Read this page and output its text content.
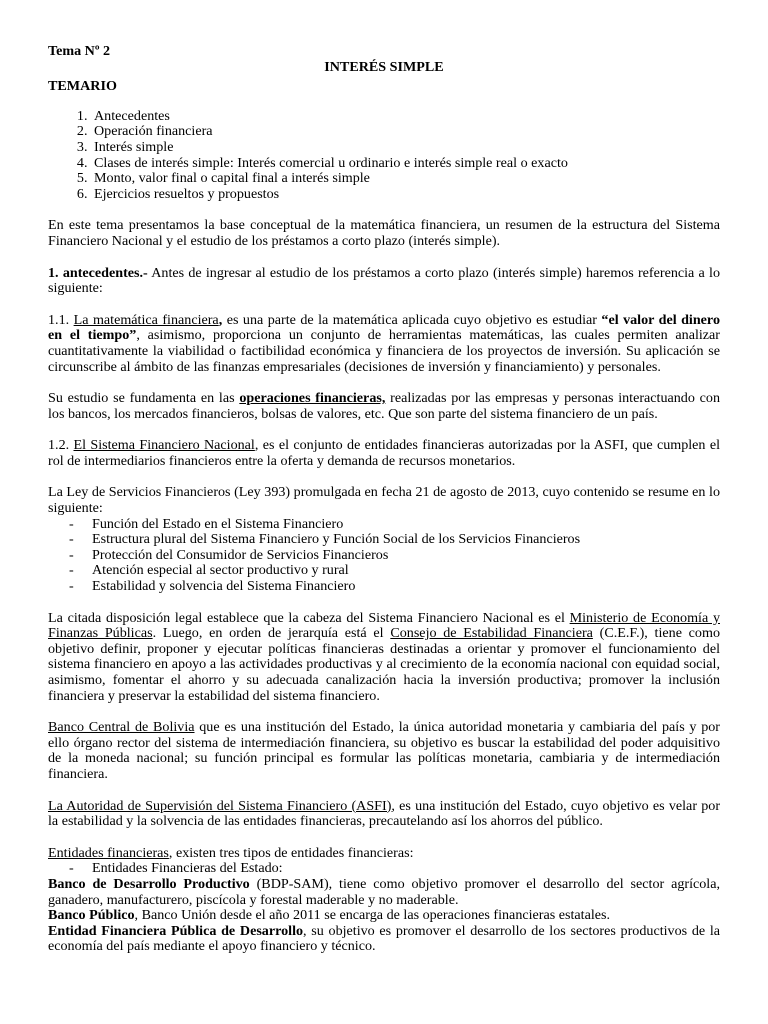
Tema Nº 2

INTERÉS SIMPLE

TEMARIO

1. Antecedentes
2. Operación financiera
3. Interés simple
4. Clases de interés simple: Interés comercial u ordinario e interés simple real o exacto
5. Monto, valor final o capital final a interés simple
6. Ejercicios resueltos y propuestos

En este tema presentamos la base conceptual de la matemática financiera, un resumen de la estructura del Sistema Financiero Nacional y el estudio de los préstamos a corto plazo (interés simple).

1. antecedentes.- Antes de ingresar al estudio de los préstamos a corto plazo (interés simple) haremos referencia a lo siguiente:

1.1. La matemática financiera, es una parte de la matemática aplicada cuyo objetivo es estudiar “el valor del dinero en el tiempo”, asimismo, proporciona un conjunto de herramientas matemáticas, las cuales permiten analizar cuantitativamente la viabilidad o factibilidad económica y financiera de los proyectos de inversión. Su aplicación se circunscribe al ámbito de las finanzas empresariales (decisiones de inversión y financiamiento) y personales.

Su estudio se fundamenta en las operaciones financieras, realizadas por las empresas y personas interactuando con los bancos, los mercados financieros, bolsas de valores, etc. Que son parte del sistema financiero de un país.

1.2. El Sistema Financiero Nacional, es el conjunto de entidades financieras autorizadas por la ASFI, que cumplen el rol de intermediarios financieros entre la oferta y demanda de recursos monetarios.

La Ley de Servicios Financieros (Ley 393) promulgada en fecha 21 de agosto de 2013, cuyo contenido se resume en lo siguiente:

- Función del Estado en el Sistema Financiero
- Estructura plural del Sistema Financiero y Función Social de los Servicios Financieros
- Protección del Consumidor de Servicios Financieros
- Atención especial al sector productivo y rural
- Estabilidad y solvencia del Sistema Financiero

La citada disposición legal establece que la cabeza del Sistema Financiero Nacional es el Ministerio de Economía y Finanzas Públicas. Luego, en orden de jerarquía está el Consejo de Estabilidad Financiera (C.E.F.), tiene como objetivo definir, proponer y ejecutar políticas financieras destinadas a orientar y promover el funcionamiento del sistema financiero en apoyo a las actividades productivas y al crecimiento de la economía nacional con equidad social, asimismo, fomentar el ahorro y su adecuada canalización hacia la inversión productiva; promover la inclusión financiera y preservar la estabilidad del sistema financiero.

Banco Central de Bolivia que es una institución del Estado, la única autoridad monetaria y cambiaria del país y por ello órgano rector del sistema de intermediación financiera, su objetivo es buscar la estabilidad del poder adquisitivo de la moneda nacional; su función principal es formular las políticas monetaria, cambiaria y de intermediación financiera.

La Autoridad de Supervisión del Sistema Financiero (ASFI), es una institución del Estado, cuyo objetivo es velar por la estabilidad y la solvencia de las entidades financieras, precautelando así los ahorros del público.

Entidades financieras, existen tres tipos de entidades financieras:

- Entidades Financieras del Estado:

Banco de Desarrollo Productivo (BDP-SAM), tiene como objetivo promover el desarrollo del sector agrícola, ganadero, manufacturero, piscícola y forestal maderable y no maderable.

Banco Público, Banco Unión desde el año 2011 se encarga de las operaciones financieras estatales.

Entidad Financiera Pública de Desarrollo, su objetivo es promover el desarrollo de los sectores productivos de la economía del país mediante el apoyo financiero y técnico.
